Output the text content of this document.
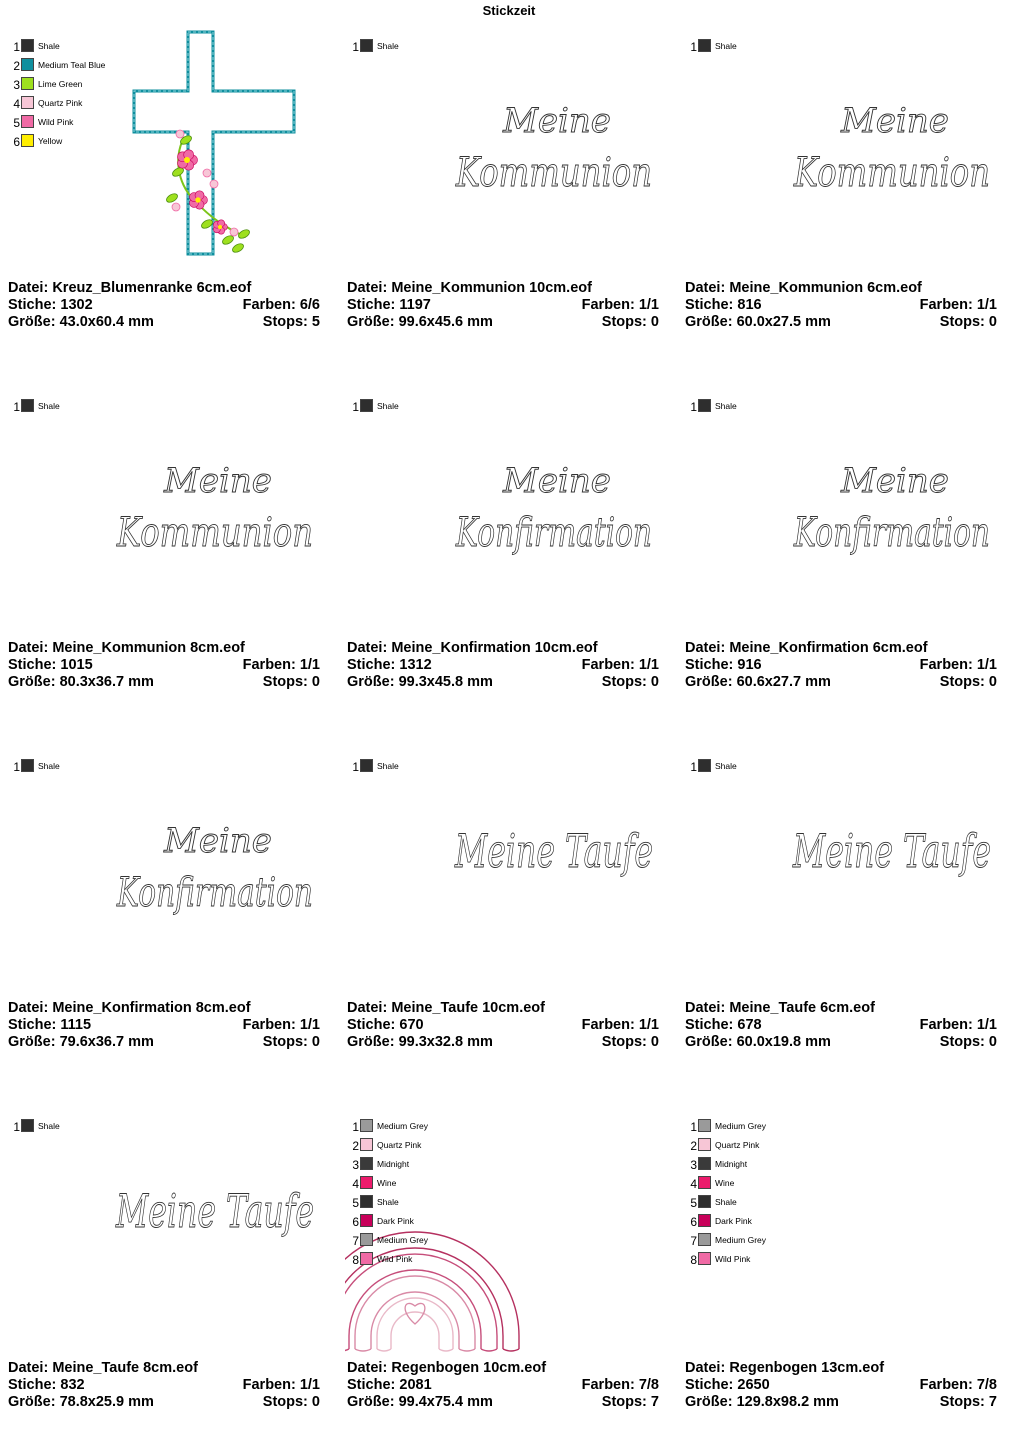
Stickzeit
1 Shale
2 Medium Teal Blue
3 Lime Green
4 Quartz Pink
5 Wild Pink
6 Yellow
Datei: Kreuz_Blumenranke 6cm.eof
Stiche: 1302	Farben: 6/6
Größe: 43.0x60.4 mm	Stops: 5
Meine
Kommunion
1 Shale
Datei: Meine_Kommunion 10cm.eof
Stiche: 1197	Farben: 1/1
Größe: 99.6x45.6 mm	Stops: 0
Meine
Kommunion
1 Shale
Datei: Meine_Kommunion 6cm.eof
Stiche: 816	Farben: 1/1
Größe: 60.0x27.5 mm	Stops: 0
Meine
Kommunion
1 Shale
Datei: Meine_Kommunion 8cm.eof
Stiche: 1015	Farben: 1/1
Größe: 80.3x36.7 mm	Stops: 0
Meine
Konfirmation
1 Shale
Datei: Meine_Konfirmation 10cm.eof
Stiche: 1312	Farben: 1/1
Größe: 99.3x45.8 mm	Stops: 0
Meine
Konfirmation
1 Shale
Datei: Meine_Konfirmation 6cm.eof
Stiche: 916	Farben: 1/1
Größe: 60.6x27.7 mm	Stops: 0
Meine
Konfirmation
1 Shale
Datei: Meine_Konfirmation 8cm.eof
Stiche: 1115	Farben: 1/1
Größe: 79.6x36.7 mm	Stops: 0
Meine Taufe
1 Shale
Datei: Meine_Taufe 10cm.eof
Stiche: 670	Farben: 1/1
Größe: 99.3x32.8 mm	Stops: 0
Meine Taufe
1 Shale
Datei: Meine_Taufe 6cm.eof
Stiche: 678	Farben: 1/1
Größe: 60.0x19.8 mm	Stops: 0
Meine Taufe
1 Shale
Datei: Meine_Taufe 8cm.eof
Stiche: 832	Farben: 1/1
Größe: 78.8x25.9 mm	Stops: 0
1 Medium Grey
2 Quartz Pink
3 Midnight
4 Wine
5 Shale
6 Dark Pink
7 Medium Grey
8 Wild Pink
Datei: Regenbogen 10cm.eof
Stiche: 2081	Farben: 7/8
Größe: 99.4x75.4 mm	Stops: 7
1 Medium Grey
2 Quartz Pink
3 Midnight
4 Wine
5 Shale
6 Dark Pink
7 Medium Grey
8 Wild Pink
Datei: Regenbogen 13cm.eof
Stiche: 2650	Farben: 7/8
Größe: 129.8x98.2 mm	Stops: 7
